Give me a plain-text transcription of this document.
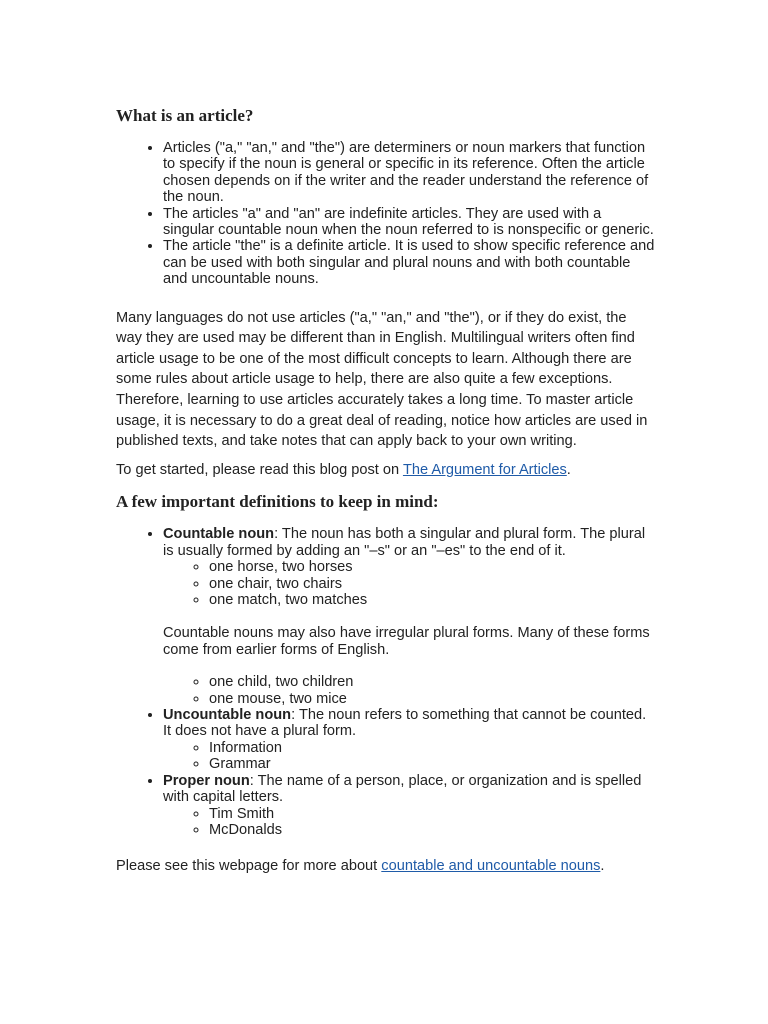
What is an article?
• Articles ("a," "an," and "the") are determiners or noun markers that function to specify if the noun is general or specific in its reference. Often the article chosen depends on if the writer and the reader understand the reference of the noun.
• The articles "a" and "an" are indefinite articles. They are used with a singular countable noun when the noun referred to is nonspecific or generic.
• The article "the" is a definite article. It is used to show specific reference and can be used with both singular and plural nouns and with both countable and uncountable nouns.

Many languages do not use articles ("a," "an," and "the"), or if they do exist, the way they are used may be different than in English. Multilingual writers often find article usage to be one of the most difficult concepts to learn. Although there are some rules about article usage to help, there are also quite a few exceptions. Therefore, learning to use articles accurately takes a long time. To master article usage, it is necessary to do a great deal of reading, notice how articles are used in published texts, and take notes that can apply back to your own writing.

To get started, please read this blog post on The Argument for Articles.

A few important definitions to keep in mind:
• Countable noun: The noun has both a singular and plural form. The plural is usually formed by adding an "–s" or an "–es" to the end of it.
◦ one horse, two horses
◦ one chair, two chairs
◦ one match, two matches

Countable nouns may also have irregular plural forms. Many of these forms come from earlier forms of English.

◦ one child, two children
◦ one mouse, two mice
• Uncountable noun: The noun refers to something that cannot be counted. It does not have a plural form.
◦ Information
◦ Grammar
• Proper noun: The name of a person, place, or organization and is spelled with capital letters.
◦ Tim Smith
◦ McDonalds

Please see this webpage for more about countable and uncountable nouns.
